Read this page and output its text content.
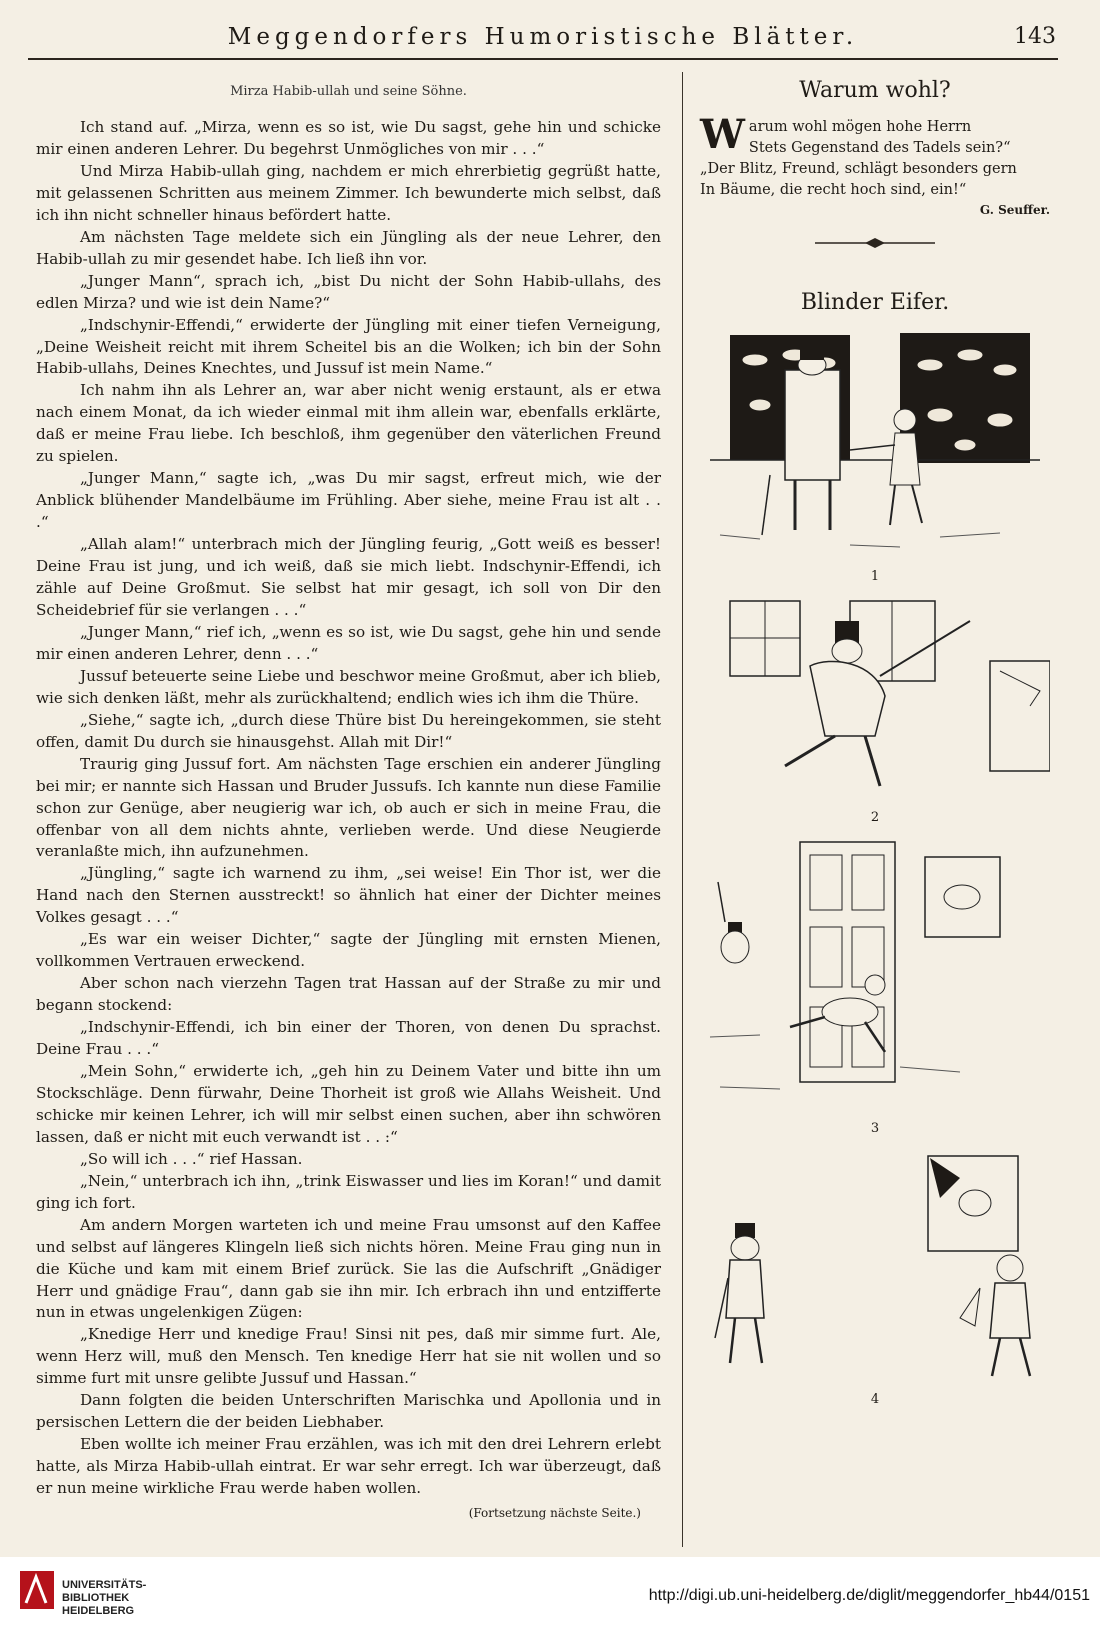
Meggendorfers Humoristische Blätter.	143
Mirza Habib-ullah und seine Söhne.

Ich stand auf. „Mirza, wenn es so ist, wie Du sagst, gehe hin und schicke mir einen anderen Lehrer. Du begehrst Unmögliches von mir . . .“

Und Mirza Habib-ullah ging, nachdem er mich ehrerbietig gegrüßt hatte, mit gelassenen Schritten aus meinem Zimmer. Ich bewunderte mich selbst, daß ich ihn nicht schneller hinaus befördert hatte.

Am nächsten Tage meldete sich ein Jüngling als der neue Lehrer, den Habib-ullah zu mir gesendet habe. Ich ließ ihn vor.

„Junger Mann“, sprach ich, „bist Du nicht der Sohn Habib-ullahs, des edlen Mirza? und wie ist dein Name?“

„Indschynir-Effendi,“ erwiderte der Jüngling mit einer tiefen Verneigung, „Deine Weisheit reicht mit ihrem Scheitel bis an die Wolken; ich bin der Sohn Habib-ullahs, Deines Knechtes, und Jussuf ist mein Name.“

Ich nahm ihn als Lehrer an, war aber nicht wenig erstaunt, als er etwa nach einem Monat, da ich wieder einmal mit ihm allein war, ebenfalls erklärte, daß er meine Frau liebe. Ich beschloß, ihm gegenüber den väterlichen Freund zu spielen.

„Junger Mann,“ sagte ich, „was Du mir sagst, erfreut mich, wie der Anblick blühender Mandelbäume im Frühling. Aber siehe, meine Frau ist alt . . .“

„Allah alam!“ unterbrach mich der Jüngling feurig, „Gott weiß es besser! Deine Frau ist jung, und ich weiß, daß sie mich liebt. Indschynir-Effendi, ich zähle auf Deine Großmut. Sie selbst hat mir gesagt, ich soll von Dir den Scheidebrief für sie verlangen . . .“

„Junger Mann,“ rief ich, „wenn es so ist, wie Du sagst, gehe hin und sende mir einen anderen Lehrer, denn . . .“

Jussuf beteuerte seine Liebe und beschwor meine Großmut, aber ich blieb, wie sich denken läßt, mehr als zurückhaltend; endlich wies ich ihm die Thüre.

„Siehe,“ sagte ich, „durch diese Thüre bist Du hereingekommen, sie steht offen, damit Du durch sie hinausgehst. Allah mit Dir!“

Traurig ging Jussuf fort. Am nächsten Tage erschien ein anderer Jüngling bei mir; er nannte sich Hassan und Bruder Jussufs. Ich kannte nun diese Familie schon zur Genüge, aber neugierig war ich, ob auch er sich in meine Frau, die offenbar von all dem nichts ahnte, verlieben werde. Und diese Neugierde veranlaßte mich, ihn aufzunehmen.

„Jüngling,“ sagte ich warnend zu ihm, „sei weise! Ein Thor ist, wer die Hand nach den Sternen ausstreckt! so ähnlich hat einer der Dichter meines Volkes gesagt . . .“

„Es war ein weiser Dichter,“ sagte der Jüngling mit ernsten Mienen, vollkommen Vertrauen erweckend.

Aber schon nach vierzehn Tagen trat Hassan auf der Straße zu mir und begann stockend:

„Indschynir-Effendi, ich bin einer der Thoren, von denen Du sprachst. Deine Frau . . .“

„Mein Sohn,“ erwiderte ich, „geh hin zu Deinem Vater und bitte ihn um Stockschläge. Denn fürwahr, Deine Thorheit ist groß wie Allahs Weisheit. Und schicke mir keinen Lehrer, ich will mir selbst einen suchen, aber ihn schwören lassen, daß er nicht mit euch verwandt ist . . :“

„So will ich . . .“ rief Hassan.

„Nein,“ unterbrach ich ihn, „trink Eiswasser und lies im Koran!“ und damit ging ich fort.

Am andern Morgen warteten ich und meine Frau umsonst auf den Kaffee und selbst auf längeres Klingeln ließ sich nichts hören. Meine Frau ging nun in die Küche und kam mit einem Brief zurück. Sie las die Aufschrift „Gnädiger Herr und gnädige Frau“, dann gab sie ihn mir. Ich erbrach ihn und entzifferte nun in etwas ungelenkigen Zügen:

„Knedige Herr und knedige Frau! Sinsi nit pes, daß mir simme furt. Ale, wenn Herz will, muß den Mensch. Ten knedige Herr hat sie nit wollen und so simme furt mit unsre gelibte Jussuf und Hassan.“

Dann folgten die beiden Unterschriften Marischka und Apollonia und in persischen Lettern die der beiden Liebhaber.

Eben wollte ich meiner Frau erzählen, was ich mit den drei Lehrern erlebt hatte, als Mirza Habib-ullah eintrat. Er war sehr erregt. Ich war überzeugt, daß er nun meine wirkliche Frau werde haben wollen.

(Fortsetzung nächste Seite.)
Warum wohl?
W arum wohl mögen hohe Herrn

Stets Gegenstand des Tadels sein?“

„Der Blitz, Freund, schlägt besonders gern

In Bäume, die recht hoch sind, ein!“

G. Seuffer.
Blinder Eifer.
1
2
3
4
UNIVERSITÄTS-
BIBLIOTHEK
HEIDELBERG
http://digi.ub.uni-heidelberg.de/diglit/meggendorfer_hb44/0151
